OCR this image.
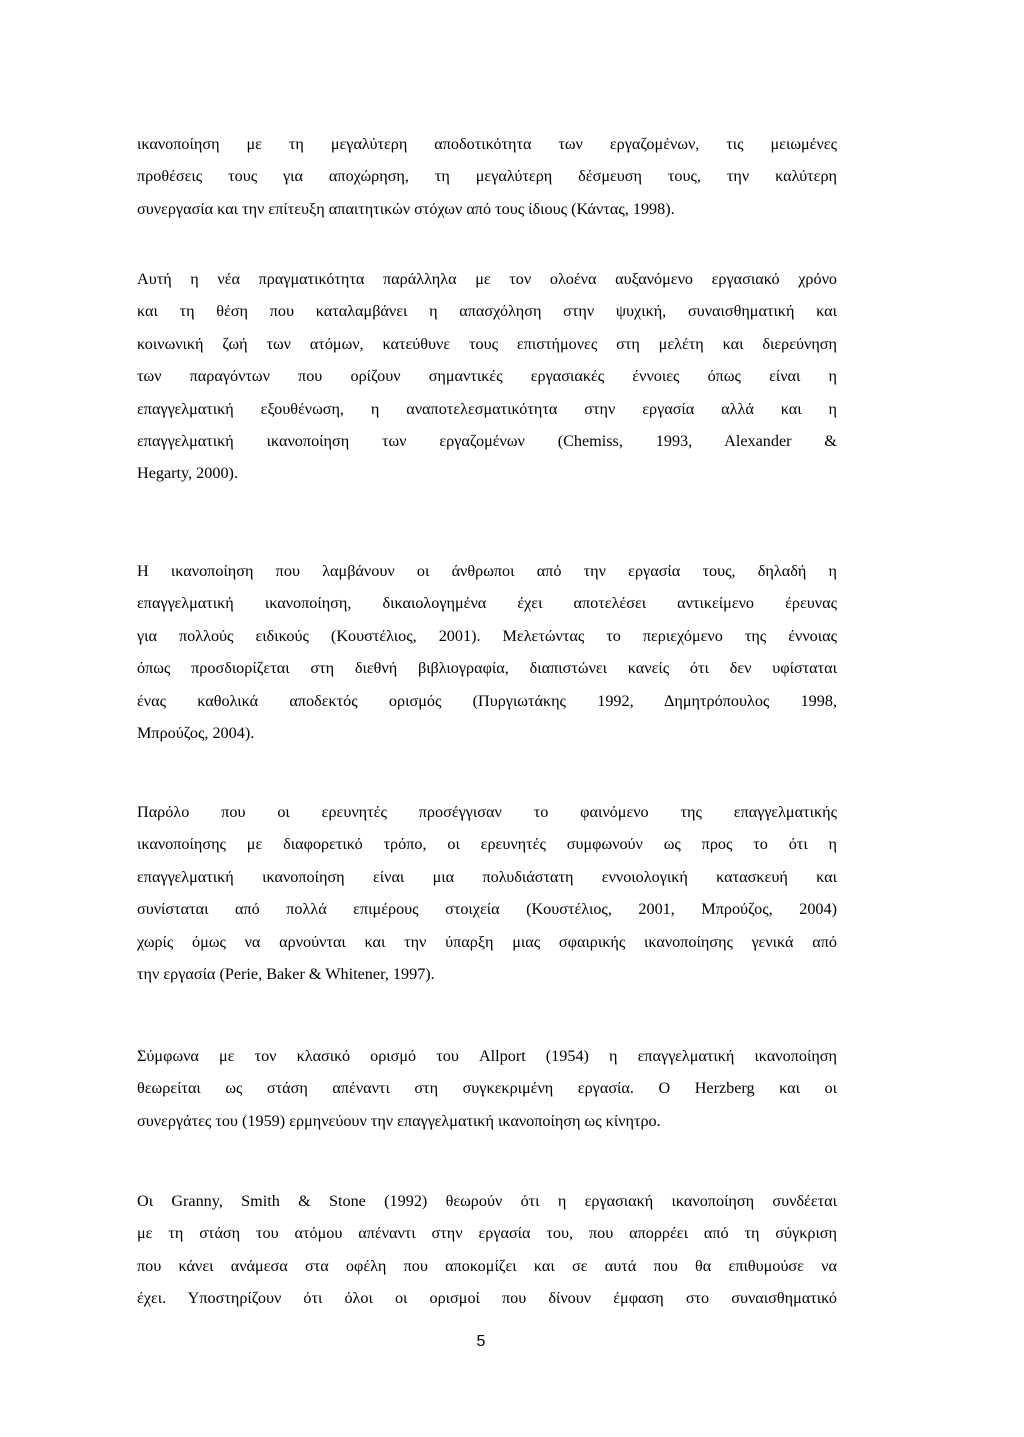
ικανοποίηση με τη μεγαλύτερη αποδοτικότητα των εργαζομένων, τις μειωμένες
προθέσεις τους για αποχώρηση, τη μεγαλύτερη δέσμευση τους, την καλύτερη
συνεργασία και την επίτευξη απαιτητικών στόχων από τους ίδιους (Κάντας, 1998).
Αυτή η νέα πραγματικότητα παράλληλα με τον ολοένα αυξανόμενο εργασιακό χρόνο
και τη θέση που καταλαμβάνει η απασχόληση στην ψυχική, συναισθηματική και
κοινωνική ζωή των ατόμων, κατεύθυνε τους επιστήμονες στη μελέτη και διερεύνηση
των παραγόντων που ορίζουν σημαντικές εργασιακές έννοιες όπως είναι η
επαγγελματική εξουθένωση, η αναποτελεσματικότητα στην εργασία αλλά και η
επαγγελματική ικανοποίηση των εργαζομένων (Chemiss, 1993, Alexander &
Hegarty, 2000).
Η ικανοποίηση που λαμβάνουν οι άνθρωποι από την εργασία τους, δηλαδή η
επαγγελματική ικανοποίηση, δικαιολογημένα έχει αποτελέσει αντικείμενο έρευνας
για πολλούς ειδικούς (Κουστέλιος, 2001). Μελετώντας το περιεχόμενο της έννοιας
όπως προσδιορίζεται στη διεθνή βιβλιογραφία, διαπιστώνει κανείς ότι δεν υφίσταται
ένας καθολικά αποδεκτός ορισμός (Πυργιωτάκης 1992, Δημητρόπουλος 1998,
Μπρούζος, 2004).
Παρόλο που οι ερευνητές προσέγγισαν το φαινόμενο της επαγγελματικής
ικανοποίησης με διαφορετικό τρόπο, οι ερευνητές συμφωνούν ως προς το ότι η
επαγγελματική ικανοποίηση είναι μια πολυδιάστατη εννοιολογική κατασκευή και
συνίσταται από πολλά επιμέρους στοιχεία (Κουστέλιος, 2001, Μπρούζος, 2004)
χωρίς όμως να αρνούνται και την ύπαρξη μιας σφαιρικής ικανοποίησης γενικά από
την εργασία (Perie, Baker & Whitener, 1997).
Σύμφωνα με τον κλασικό ορισμό του Allport (1954) η επαγγελματική ικανοποίηση
θεωρείται ως στάση απέναντι στη συγκεκριμένη εργασία. Ο Herzberg και οι
συνεργάτες του (1959) ερμηνεύουν την επαγγελματική ικανοποίηση ως κίνητρο.
Οι Granny, Smith & Stone (1992) θεωρούν ότι η εργασιακή ικανοποίηση συνδέεται
με τη στάση του ατόμου απέναντι στην εργασία του, που απορρέει από τη σύγκριση
που κάνει ανάμεσα στα οφέλη που αποκομίζει και σε αυτά που θα επιθυμούσε να
έχει. Υποστηρίζουν ότι όλοι οι ορισμοί που δίνουν έμφαση στο συναισθηματικό
5
